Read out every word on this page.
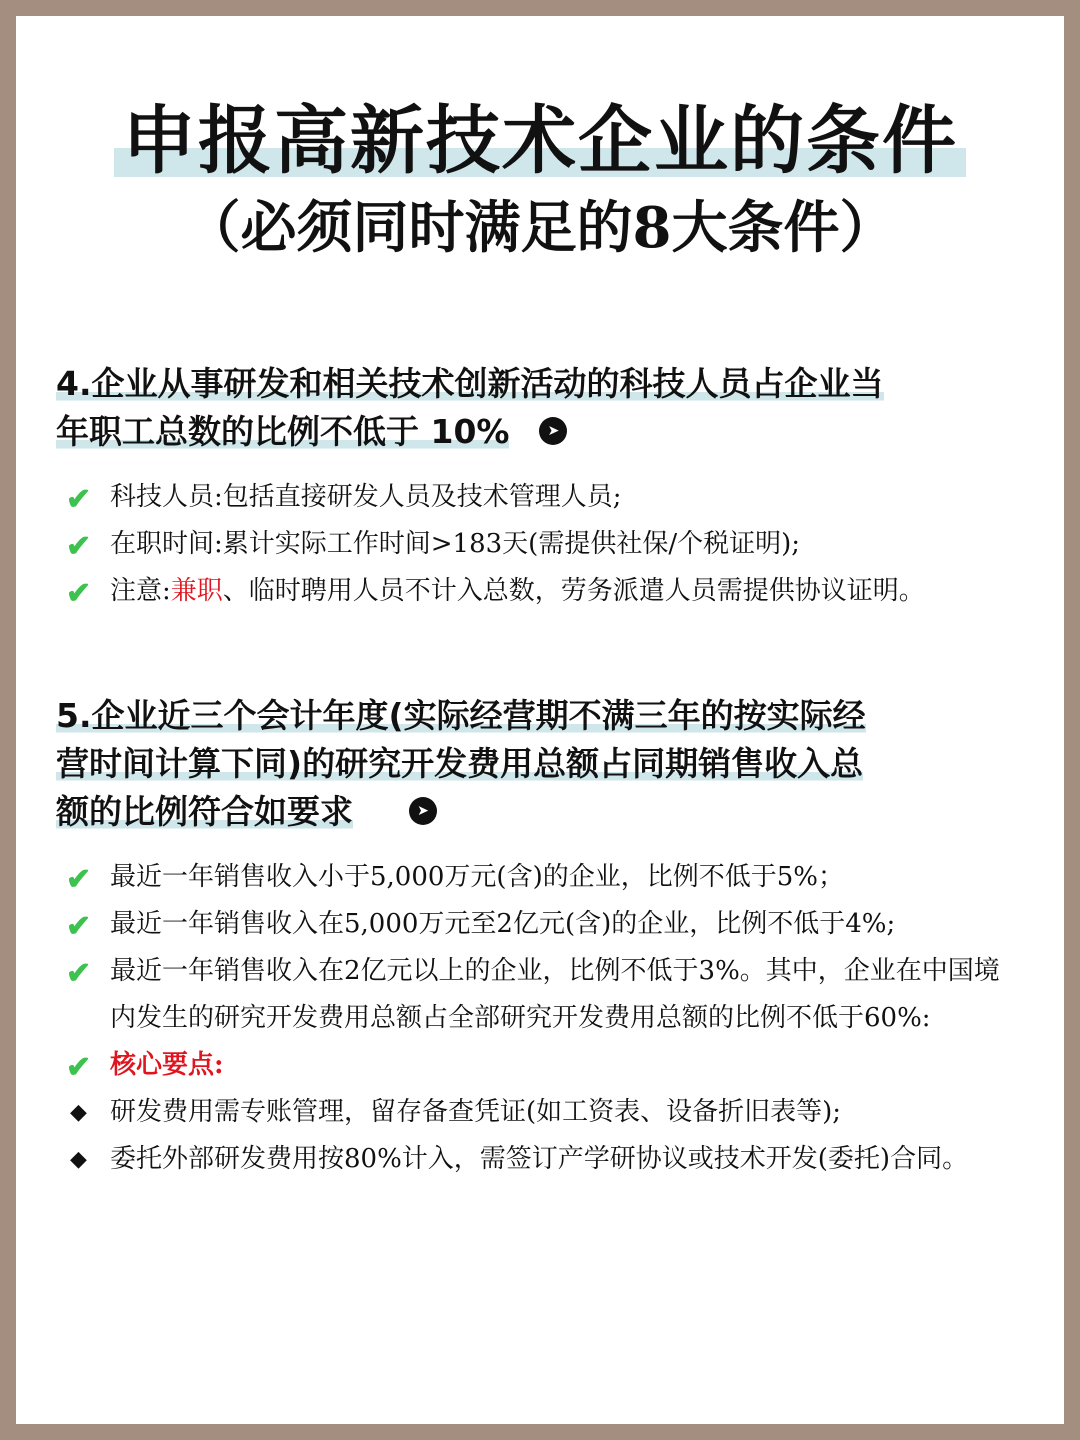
申报高新技术企业的条件
（必须同时满足的8大条件）
4.企业从事研发和相关技术创新活动的科技人员占企业当
年职工总数的比例不低于 10%	➤
✔ 科技人员:包括直接研发人员及技术管理人员;
✔ 在职时间:累计实际工作时间>183天(需提供社保/个税证明);
✔ 注意:兼职、临时聘用人员不计入总数，劳务派遣人员需提供协议证明。
5.企业近三个会计年度(实际经营期不满三年的按实际经
营时间计算下同)的研究开发费用总额占同期销售收入总
额的比例符合如要求	➤
✔ 最近一年销售收入小于5,000万元(含)的企业，比例不低于5%；
✔ 最近一年销售收入在5,000万元至2亿元(含)的企业，比例不低于4%;
✔ 最近一年销售收入在2亿元以上的企业，比例不低于3%。其中，企业在中国境内发生的研究开发费用总额占全部研究开发费用总额的比例不低于60%:
✔ 核心要点:
◆ 研发费用需专账管理，留存备查凭证(如工资表、设备折旧表等);
◆ 委托外部研发费用按80%计入，需签订产学研协议或技术开发(委托)合同。
